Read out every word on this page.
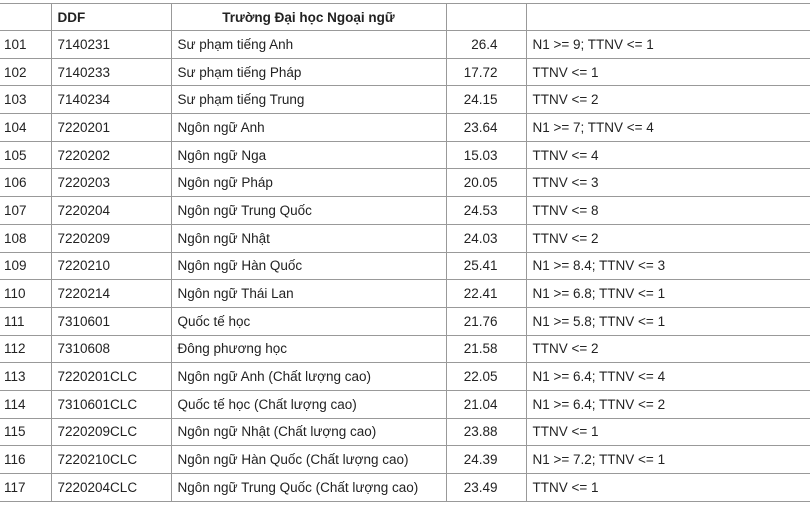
	DDF	Trường Đại học Ngoại ngữ		
101	7140231	Sư phạm tiếng Anh	26.4	N1 >= 9; TTNV <= 1
102	7140233	Sư phạm tiếng Pháp	17.72	TTNV <= 1
103	7140234	Sư phạm tiếng Trung	24.15	TTNV <= 2
104	7220201	Ngôn ngữ Anh	23.64	N1 >= 7; TTNV <= 4
105	7220202	Ngôn ngữ Nga	15.03	TTNV <= 4
106	7220203	Ngôn ngữ Pháp	20.05	TTNV <= 3
107	7220204	Ngôn ngữ Trung Quốc	24.53	TTNV <= 8
108	7220209	Ngôn ngữ Nhật	24.03	TTNV <= 2
109	7220210	Ngôn ngữ Hàn Quốc	25.41	N1 >= 8.4; TTNV <= 3
110	7220214	Ngôn ngữ Thái Lan	22.41	N1 >= 6.8; TTNV <= 1
111	7310601	Quốc tế học	21.76	N1 >= 5.8; TTNV <= 1
112	7310608	Đông phương học	21.58	TTNV <= 2
113	7220201CLC	Ngôn ngữ Anh (Chất lượng cao)	22.05	N1 >= 6.4; TTNV <= 4
114	7310601CLC	Quốc tế học (Chất lượng cao)	21.04	N1 >= 6.4; TTNV <= 2
115	7220209CLC	Ngôn ngữ Nhật (Chất lượng cao)	23.88	TTNV <= 1
116	7220210CLC	Ngôn ngữ Hàn Quốc (Chất lượng cao)	24.39	N1 >= 7.2; TTNV <= 1
117	7220204CLC	Ngôn ngữ Trung Quốc (Chất lượng cao)	23.49	TTNV <= 1
